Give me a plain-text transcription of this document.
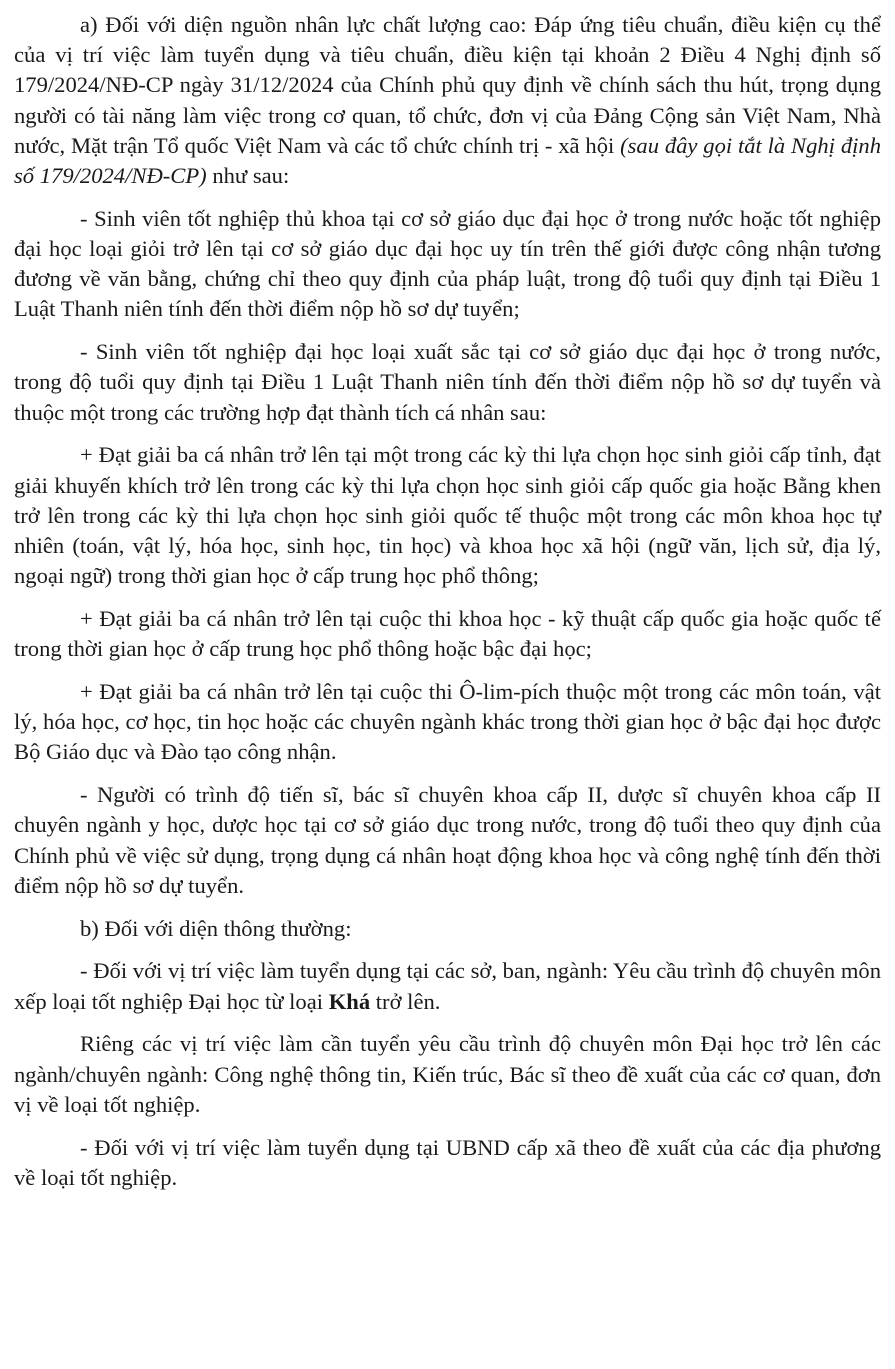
a) Đối với diện nguồn nhân lực chất lượng cao: Đáp ứng tiêu chuẩn, điều kiện cụ thể của vị trí việc làm tuyển dụng và tiêu chuẩn, điều kiện tại khoản 2 Điều 4 Nghị định số 179/2024/NĐ-CP ngày 31/12/2024 của Chính phủ quy định về chính sách thu hút, trọng dụng người có tài năng làm việc trong cơ quan, tổ chức, đơn vị của Đảng Cộng sản Việt Nam, Nhà nước, Mặt trận Tổ quốc Việt Nam và các tổ chức chính trị - xã hội (sau đây gọi tắt là Nghị định số 179/2024/NĐ-CP) như sau:

- Sinh viên tốt nghiệp thủ khoa tại cơ sở giáo dục đại học ở trong nước hoặc tốt nghiệp đại học loại giỏi trở lên tại cơ sở giáo dục đại học uy tín trên thế giới được công nhận tương đương về văn bằng, chứng chỉ theo quy định của pháp luật, trong độ tuổi quy định tại Điều 1 Luật Thanh niên tính đến thời điểm nộp hồ sơ dự tuyển;

- Sinh viên tốt nghiệp đại học loại xuất sắc tại cơ sở giáo dục đại học ở trong nước, trong độ tuổi quy định tại Điều 1 Luật Thanh niên tính đến thời điểm nộp hồ sơ dự tuyển và thuộc một trong các trường hợp đạt thành tích cá nhân sau:

+ Đạt giải ba cá nhân trở lên tại một trong các kỳ thi lựa chọn học sinh giỏi cấp tỉnh, đạt giải khuyến khích trở lên trong các kỳ thi lựa chọn học sinh giỏi cấp quốc gia hoặc Bằng khen trở lên trong các kỳ thi lựa chọn học sinh giỏi quốc tế thuộc một trong các môn khoa học tự nhiên (toán, vật lý, hóa học, sinh học, tin học) và khoa học xã hội (ngữ văn, lịch sử, địa lý, ngoại ngữ) trong thời gian học ở cấp trung học phổ thông;

+ Đạt giải ba cá nhân trở lên tại cuộc thi khoa học - kỹ thuật cấp quốc gia hoặc quốc tế trong thời gian học ở cấp trung học phổ thông hoặc bậc đại học;

+ Đạt giải ba cá nhân trở lên tại cuộc thi Ô-lim-pích thuộc một trong các môn toán, vật lý, hóa học, cơ học, tin học hoặc các chuyên ngành khác trong thời gian học ở bậc đại học được Bộ Giáo dục và Đào tạo công nhận.

- Người có trình độ tiến sĩ, bác sĩ chuyên khoa cấp II, dược sĩ chuyên khoa cấp II chuyên ngành y học, dược học tại cơ sở giáo dục trong nước, trong độ tuổi theo quy định của Chính phủ về việc sử dụng, trọng dụng cá nhân hoạt động khoa học và công nghệ tính đến thời điểm nộp hồ sơ dự tuyển.

b) Đối với diện thông thường:

- Đối với vị trí việc làm tuyển dụng tại các sở, ban, ngành: Yêu cầu trình độ chuyên môn xếp loại tốt nghiệp Đại học từ loại Khá trở lên.

Riêng các vị trí việc làm cần tuyển yêu cầu trình độ chuyên môn Đại học trở lên các ngành/chuyên ngành: Công nghệ thông tin, Kiến trúc, Bác sĩ theo đề xuất của các cơ quan, đơn vị về loại tốt nghiệp.

- Đối với vị trí việc làm tuyển dụng tại UBND cấp xã theo đề xuất của các địa phương về loại tốt nghiệp.
